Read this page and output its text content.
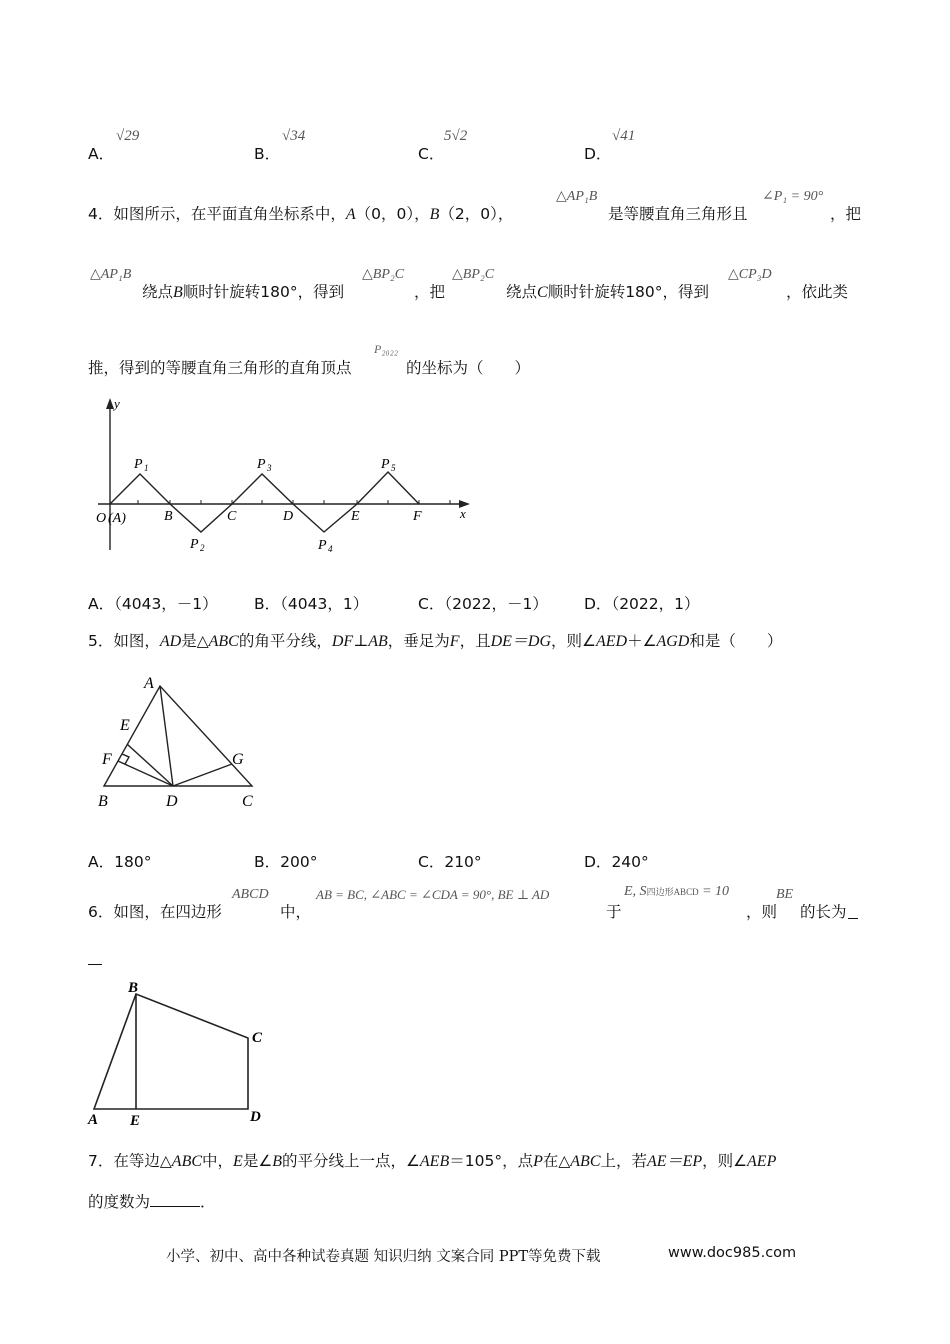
A．
√29
B．
√34
C．
5√2
D．
√41
4．如图所示，在平面直角坐标系中，A（0，0），B（2，0），
△AP₁B
是等腰直角三角形且
∠P₁ = 90°
，把
△AP₁B
绕点B顺时针旋转180°，得到
△BP₂C
，把
△BP₂C
绕点C顺时针旋转180°，得到
△CP₃D
，依此类
推，得到的等腰直角三角形的直角顶点
P₂₀₂₂
的坐标为（　　）
y
x
O (A)	B	C	D	E	F
P 1
P 2
P 3
P 4
P 5
A．（4043，－1） B．（4043，1）	C．（2022，－1） D．（2022，1）
5．如图，AD是△ABC的角平分线，DF⊥AB，垂足为F，且DE＝DG，则∠AED＋∠AGD和是（　　）
A
E
F
B	D	C
G
A．180°	B．200°	C．210°	D．240°
6．如图，在四边形
ABCD
中，
AB = BC, ∠ABC = ∠CDA = 90°, BE ⊥ AD
于
E, S四边形ABCD = 10
，则
BE
的长为
B
C
A E	D
7．在等边△ABC中，E是∠B的平分线上一点，∠AEB＝105°，点P在△ABC上，若AE＝EP，则∠AEP
的度数为	．
小学、初中、高中各种试卷真题 知识归纳 文案合同 PPT等免费下载	www.doc985.com
